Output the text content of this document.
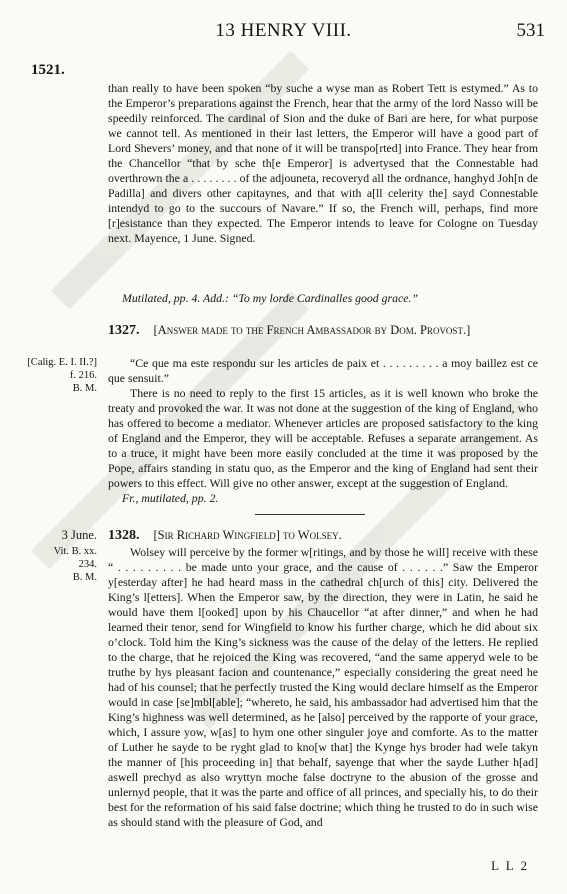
13 HENRY VIII.	531
1521.

than really to have been spoken “by suche a wyse man as Robert Tett is estymed.” As to the Emperor’s preparations against the French, hear that the army of the lord Nasso will be speedily reinforced. The cardinal of Sion and the duke of Bari are here, for what purpose we cannot tell. As mentioned in their last letters, the Emperor will have a good part of Lord Shevers’ money, and that none of it will be transpo[rted] into France. They hear from the Chancellor “that by sche th[e Emperor] is advertysed that the Connestable had overthrown the a . . . . . . . . of the adjouneta, recoveryd all the ordnance, hanghyd Joh[n de Padilla] and divers other capitaynes, and that with a[ll celerity the] sayd Connestable intendyd to go to the succours of Navare.” If so, the French will, perhaps, find more [r]esistance than they expected. The Emperor intends to leave for Cologne on Tuesday next. Mayence, 1 June. Signed.

Mutilated, pp. 4. Add.: “To my lorde Cardinalles good grace.”
1327. [Answer made to the French Ambassador by Dom. Provost.]
[Calig. E. I. II.?]
f. 216.
B. M.

“Ce que ma este respondu sur les articles de paix et . . . . . . . . . a moy baillez est ce que sensuit.”

There is no need to reply to the first 15 articles, as it is well known who broke the treaty and provoked the war. It was not done at the suggestion of the king of England, who has offered to become a mediator. Whenever articles are proposed satisfactory to the king of England and the Emperor, they will be acceptable. Refuses a separate arrangement. As to a truce, it might have been more easily concluded at the time it was proposed by the Pope, affairs standing in statu quo, as the Emperor and the king of England had sent their powers to this effect. Will give no other answer, except at the suggestion of England.

Fr., mutilated, pp. 2.
3 June. 1328. [Sir Richard Wingfield] to Wolsey.
Vit. B. xx.
234.
B. M.

Wolsey will perceive by the former w[ritings, and by those he will] receive with these “ . . . . . . . . . be made unto your grace, and the cause of . . . . . .” Saw the Emperor y[esterday after] he had heard mass in the cathedral ch[urch of this] city. Delivered the King’s l[etters]. When the Emperor saw, by the direction, they were in Latin, he said he would have them l[ooked] upon by his Chaucellor “at after dinner,” and when he had learned their tenor, send for Wingfield to know his further charge, which he did about six o’clock. Told him the King’s sickness was the cause of the delay of the letters. He replied to the charge, that he rejoiced the King was recovered, “and the same apperyd wele to be truthe by hys pleasant facion and countenance,” especially considering the great need he had of his counsel; that he perfectly trusted the King would declare himself as the Emperor would in case [se]mbl[able]; “whereto, he said, his ambassador had advertised him that the King’s highness was well determined, as he [also] perceived by the rapporte of your grace, which, I assure yow, w[as] to hym one other singuler joye and comforte. As to the matter of Luther he sayde to be ryght glad to kno[w that] the Kynge hys broder had wele takyn the manner of [his proceeding in] that behalf, sayenge that wher the sayde Luther h[ad] aswell prechyd as also wryttyn moche false doctryne to the abusion of the grosse and unlernyd people, that it was the parte and office of all princes, and specially his, to do their best for the reformation of his said false doctrine; which thing he trusted to do in such wise as should stand with the pleasure of God, and

L L 2
